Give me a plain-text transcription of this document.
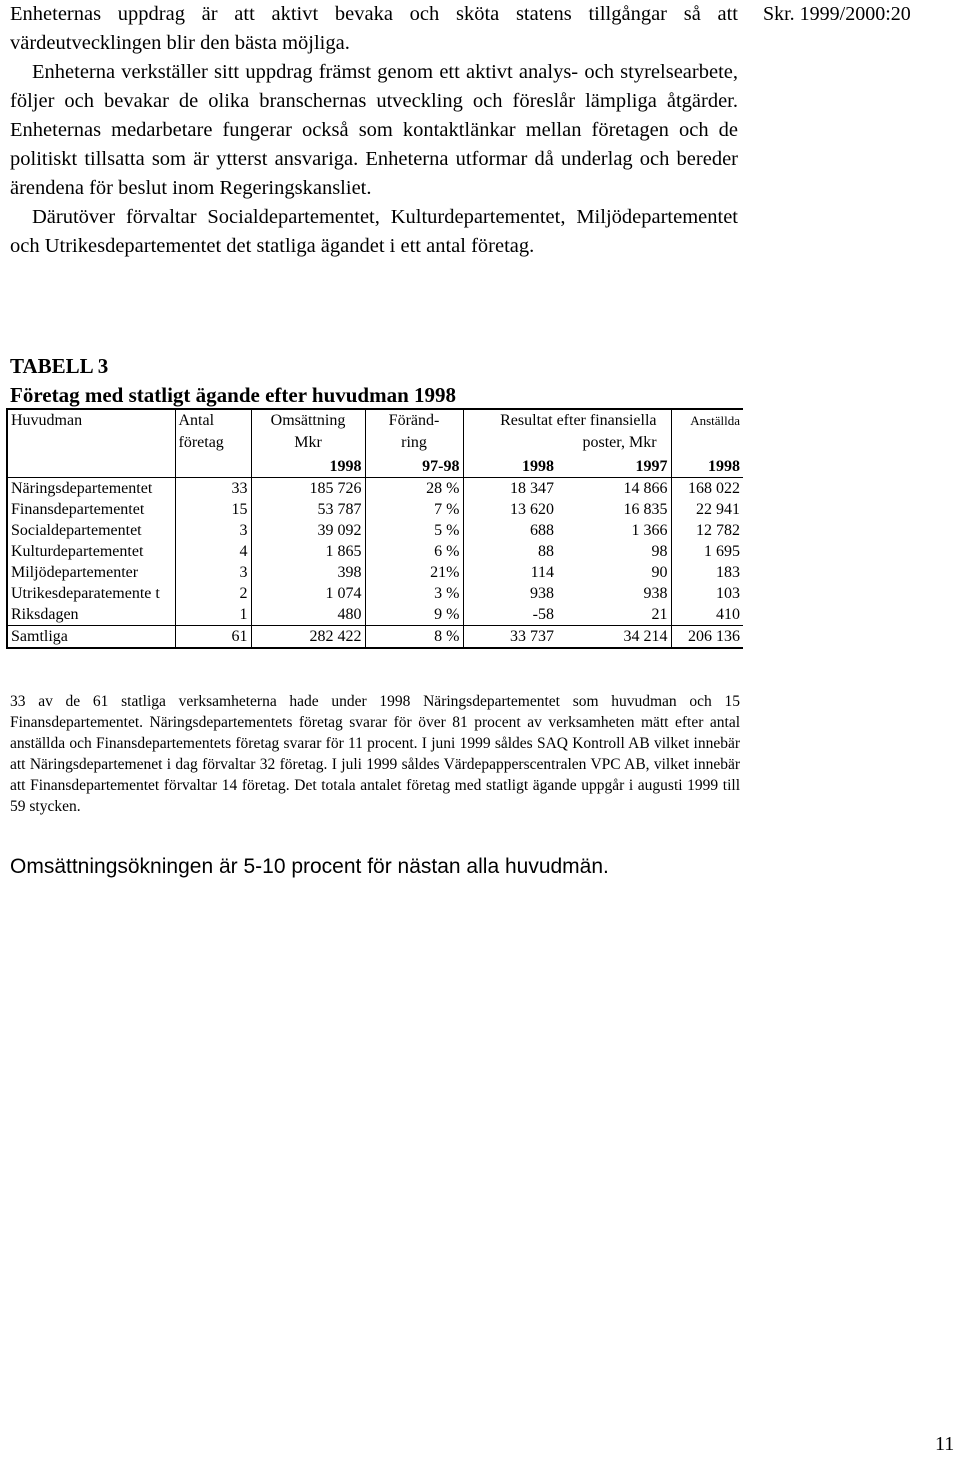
Skr. 1999/2000:20

Enheternas uppdrag är att aktivt bevaka och sköta statens tillgångar så att värdeutvecklingen blir den bästa möjliga.

Enheterna verkställer sitt uppdrag främst genom ett aktivt analys- och styrelsearbete, följer och bevakar de olika branschernas utveckling och föreslår lämpliga åtgärder. Enheternas medarbetare fungerar också som kontaktlänkar mellan företagen och de politiskt tillsatta som är ytterst ansvariga. Enheterna utformar då underlag och bereder ärendena för beslut inom Regeringskansliet.

Därutöver förvaltar Socialdepartementet, Kulturdepartementet, Miljödepartementet och Utrikesdepartementet det statliga ägandet i ett antal företag.

TABELL 3
Företag med statligt ägande efter huvudman 1998
Huvudman	Antal	Omsättning	Föränd-	Resultat efter finansiella		Anställda
	företag	Mkr	ring	poster, Mkr		
		1998	97-98	1998	1997	1998
Näringsdepartementet	33	185 726	28 %	18 347	14 866	168 022
Finansdepartementet	15	53 787	7 %	13 620	16 835	22 941
Socialdepartementet	3	39 092	5 %	688	1 366	12 782
Kulturdepartementet	4	1 865	6 %	88	98	1 695
Miljödepartementer	3	398	21%	114	90	183
Utrikesdeparatemente t	2	1 074	3 %	938	938	103
Riksdagen	1	480	9 %	-58	21	410
Samtliga	61	282 422	8 %	33 737	34 214	206 136
33 av de 61 statliga verksamheterna hade under 1998 Näringsdepartementet som huvudman och 15 Finansdepartementet. Näringsdepartementets företag svarar för över 81 procent av verksamheten mätt efter antal anställda och Finansdepartementets företag svarar för 11 procent. I juni 1999 såldes SAQ Kontroll AB vilket innebär att Näringsdepartemenet i dag förvaltar 32 företag. I juli 1999 såldes Värdepapperscentralen VPC AB, vilket innebär att Finansdepartementet förvaltar 14 företag. Det totala antalet företag med statligt ägande uppgår i augusti 1999 till 59 stycken.
Omsättningsökningen är 5-10 procent för nästan alla huvudmän.
11
